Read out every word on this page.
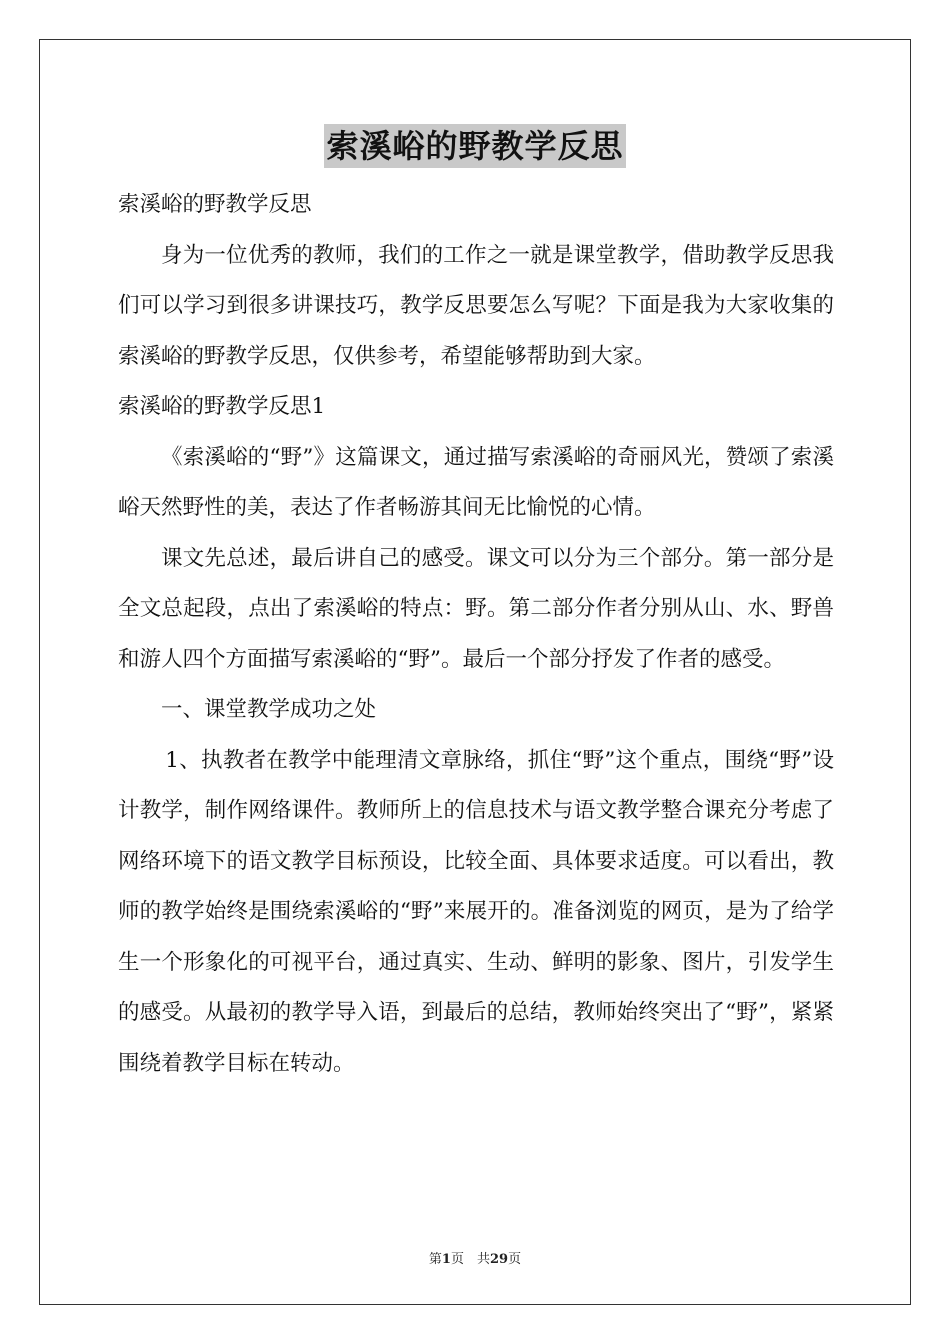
索溪峪的野教学反思

索溪峪的野教学反思

身为一位优秀的教师，我们的工作之一就是课堂教学，借助教学反思我们可以学习到很多讲课技巧，教学反思要怎么写呢？下面是我为大家收集的索溪峪的野教学反思，仅供参考，希望能够帮助到大家。

索溪峪的野教学反思1

《索溪峪的“野”》这篇课文，通过描写索溪峪的奇丽风光，赞颂了索溪峪天然野性的美，表达了作者畅游其间无比愉悦的心情。

课文先总述，最后讲自己的感受。课文可以分为三个部分。第一部分是全文总起段，点出了索溪峪的特点：野。第二部分作者分别从山、水、野兽和游人四个方面描写索溪峪的“野”。最后一个部分抒发了作者的感受。

一、课堂教学成功之处

1、执教者在教学中能理清文章脉络，抓住“野”这个重点，围绕“野”设计教学，制作网络课件。教师所上的信息技术与语文教学整合课充分考虑了网络环境下的语文教学目标预设，比较全面、具体要求适度。可以看出，教师的教学始终是围绕索溪峪的“野”来展开的。准备浏览的网页，是为了给学生一个形象化的可视平台，通过真实、生动、鲜明的影象、图片，引发学生的感受。从最初的教学导入语，到最后的总结，教师始终突出了“野”，紧紧围绕着教学目标在转动。

第1页　共29页
